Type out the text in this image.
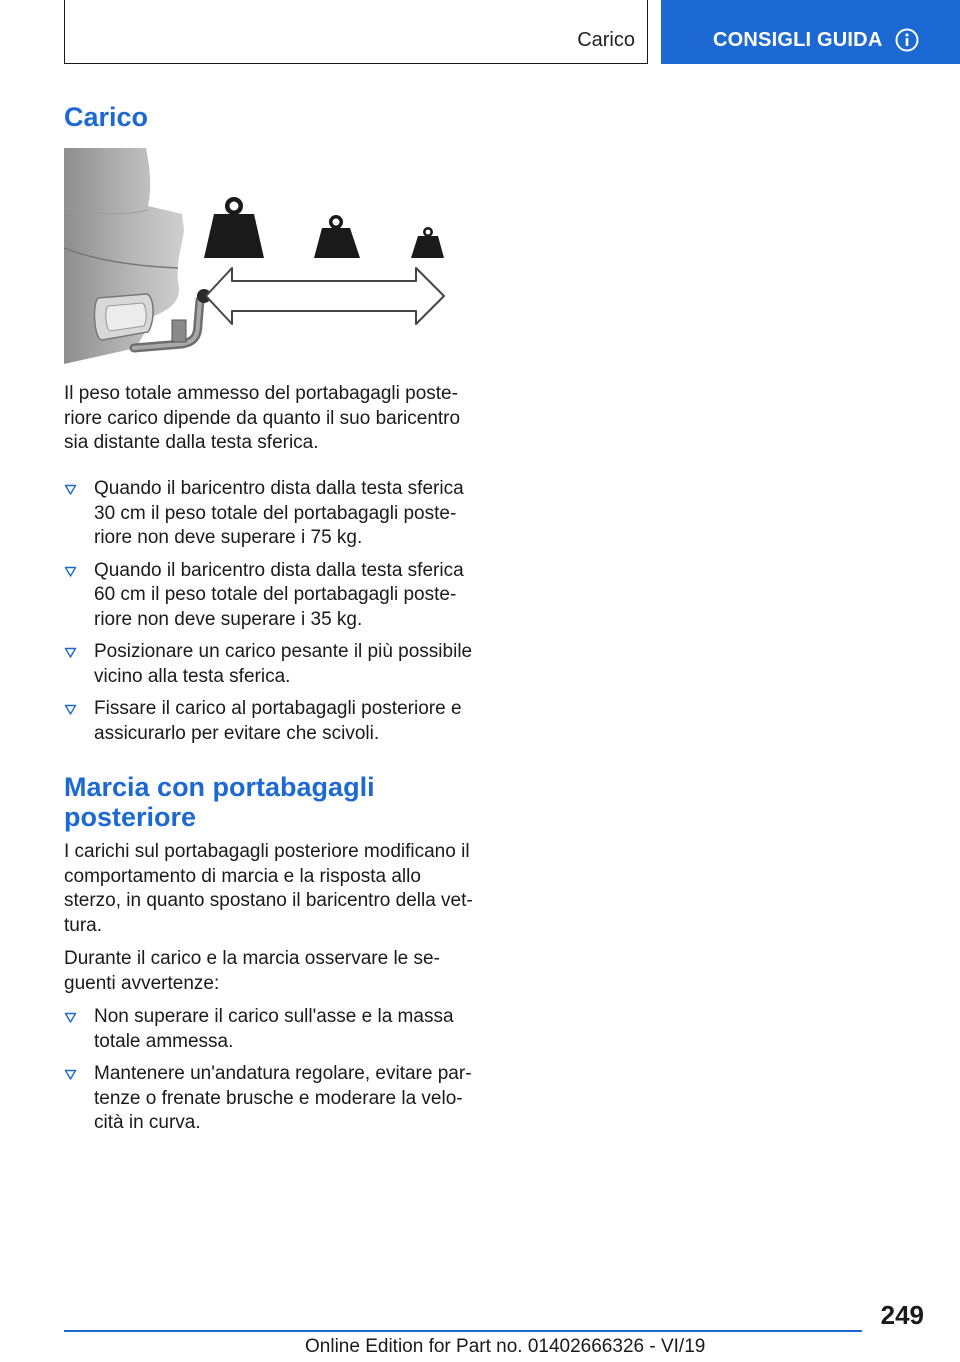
Carico	CONSIGLI GUIDA
Carico

Il peso totale ammesso del portabagagli posteriore carico dipende da quanto il suo baricentro sia distante dalla testa sferica.

Quando il baricentro dista dalla testa sferica 30 cm il peso totale del portabagagli posteriore non deve superare i 75 kg.
Quando il baricentro dista dalla testa sferica 60 cm il peso totale del portabagagli posteriore non deve superare i 35 kg.
Posizionare un carico pesante il più possibile vicino alla testa sferica.
Fissare il carico al portabagagli posteriore e assicurarlo per evitare che scivoli.
Marcia con portabagagli posteriore

I carichi sul portabagagli posteriore modificano il comportamento di marcia e la risposta allo sterzo, in quanto spostano il baricentro della vettura.

Durante il carico e la marcia osservare le seguenti avvertenze:

Non superare il carico sull'asse e la massa totale ammessa.
Mantenere un'andatura regolare, evitare partenze o frenate brusche e moderare la velocità in curva.
249
Online Edition for Part no. 01402666326 - VI/19
